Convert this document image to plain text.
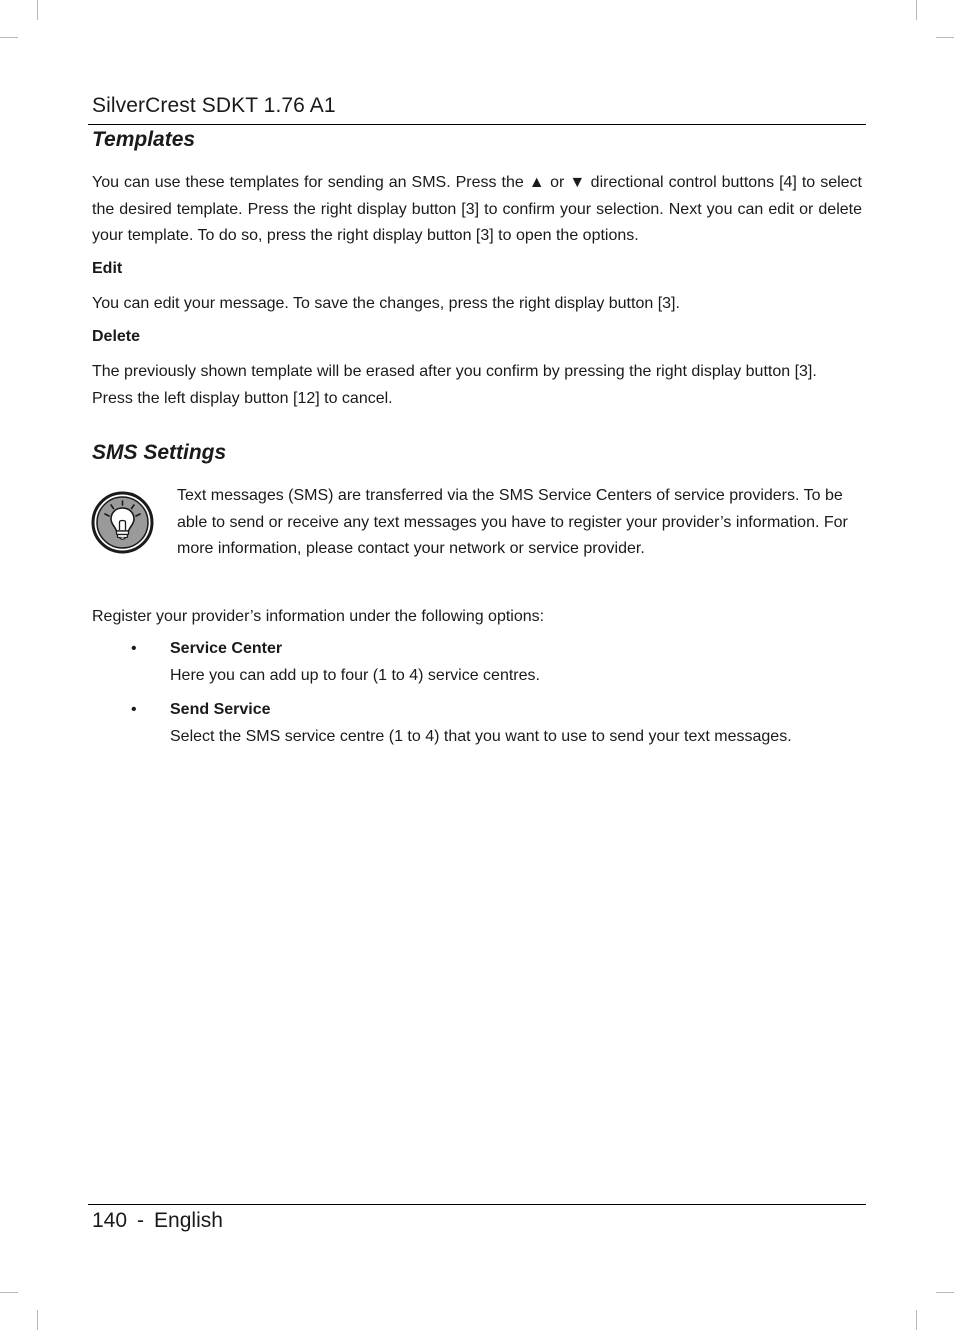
SilverCrest SDKT 1.76 A1
Templates

You can use these templates for sending an SMS. Press the ▲ or ▼ directional control buttons [4] to select the desired template. Press the right display button [3] to confirm your selection. Next you can edit or delete your template. To do so, press the right display button [3] to open the options.

Edit

You can edit your message. To save the changes, press the right display button [3].

Delete

The previously shown template will be erased after you confirm by pressing the right display button [3]. Press the left display button [12] to cancel.

SMS Settings

Text messages (SMS) are transferred via the SMS Service Centers of service providers. To be able to send or receive any text messages you have to register your provider’s information. For more information, please contact your network or service provider.

Register your provider’s information under the following options:

• Service Center
Here you can add up to four (1 to 4) service centres.
• Send Service
Select the SMS service centre (1 to 4) that you want to use to send your text messages.
140 - English
